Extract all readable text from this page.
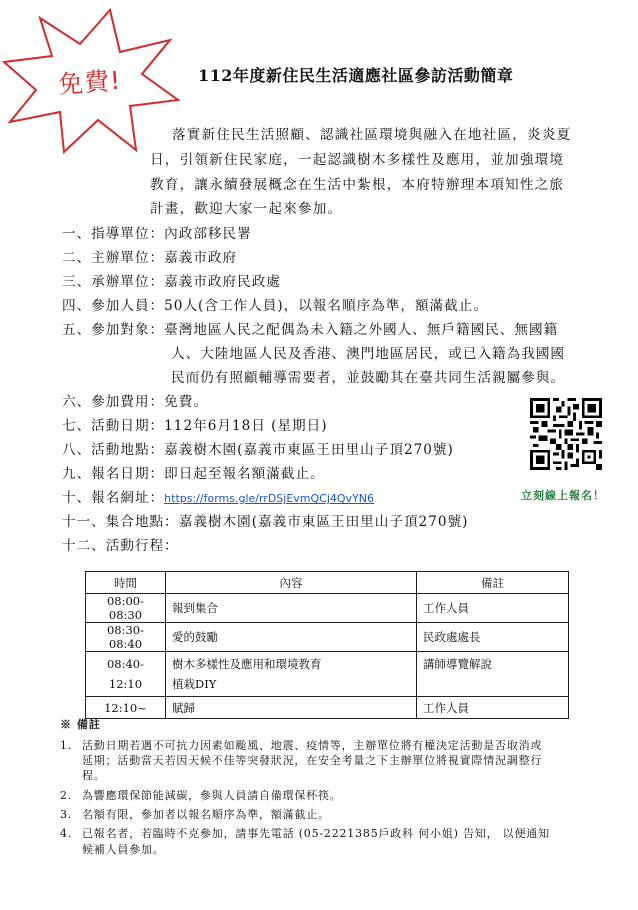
免費!	112年度新住民生活適應社區參訪活動簡章
落實新住民生活照顧、認識社區環境與融入在地社區，炎炎夏
日，引領新住民家庭，一起認識樹木多樣性及應用，並加強環境
教育，讓永續發展概念在生活中紮根，本府特辦理本項知性之旅
計畫，歡迎大家一起來參加。
一、指導單位：內政部移民署
二、主辦單位：嘉義市政府
三、承辦單位：嘉義市政府民政處
四、參加人員：50人(含工作人員)，以報名順序為準，額滿截止。
五、參加對象：臺灣地區人民之配偶為未入籍之外國人、無戶籍國民、無國籍
人、大陸地區人民及香港、澳門地區居民，或已入籍為我國國
民而仍有照顧輔導需要者，並鼓勵其在臺共同生活親屬參與。
六、參加費用：免費。
七、活動日期：112年6月18日 (星期日)
八、活動地點：嘉義樹木園(嘉義市東區王田里山子頂270號)
九、報名日期：即日起至報名額滿截止。
十、報名網址：https://forms.gle/rrDSjEvmQCj4QvYN6
十一、集合地點：嘉義樹木園(嘉義市東區王田里山子頂270號)
十二、活動行程：
立刻線上報名！
時間	內容	備註
08:00-08:30	報到集合	工作人員
08:30-08:40	愛的鼓勵	民政處處長
08:40-12:10	樹木多樣性及應用和環境教育
植栽DIY	講師導覽解說
12:10~	賦歸	工作人員
※ 備註
1. 活動日期若遇不可抗力因素如颱風、地震、疫情等，主辦單位將有權決定活動是否取消或
延期；活動當天若因天候不佳等突發狀況，在安全考量之下主辦單位將視實際情況調整行
程。
2. 為響應環保節能減碳，參與人員請自備環保杯筷。
3. 名額有限，參加者以報名順序為準，額滿截止。
4. 已報名者，若臨時不克參加，請事先電話 (05-2221385戶政科 何小姐) 告知， 以便通知
候補人員參加。
